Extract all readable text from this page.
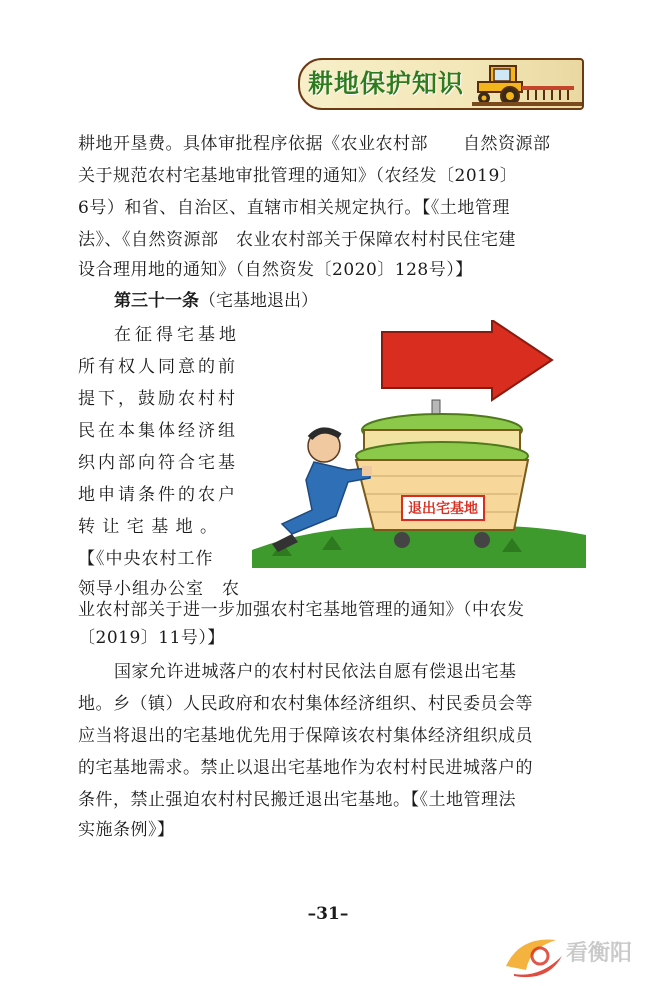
耕地保护知识
耕地开垦费。具体审批程序依据《农业农村部　　自然资源部
关于规范农村宅基地审批管理的通知》（农经发〔2019〕
6号）和省、自治区、直辖市相关规定执行。【《土地管理
法》、《自然资源部　农业农村部关于保障农村村民住宅建
设合理用地的通知》（自然资发〔2020〕128号）】
第三十一条（宅基地退出）
在征得宅基地
所有权人同意的前
提下，鼓励农村村
民在本集体经济组
织内部向符合宅基
地申请条件的农户
转 让 宅 基 地 。
【《中央农村工作
领导小组办公室　农
业农村部关于进一步加强农村宅基地管理的通知》（中农发
〔2019〕11号）】
退出宅基地
国家允许进城落户的农村村民依法自愿有偿退出宅基
地。乡（镇）人民政府和农村集体经济组织、村民委员会等
应当将退出的宅基地优先用于保障该农村集体经济组织成员
的宅基地需求。禁止以退出宅基地作为农村村民进城落户的
条件，禁止强迫农村村民搬迁退出宅基地。【《土地管理法
实施条例》】
–31–
看衡阳
